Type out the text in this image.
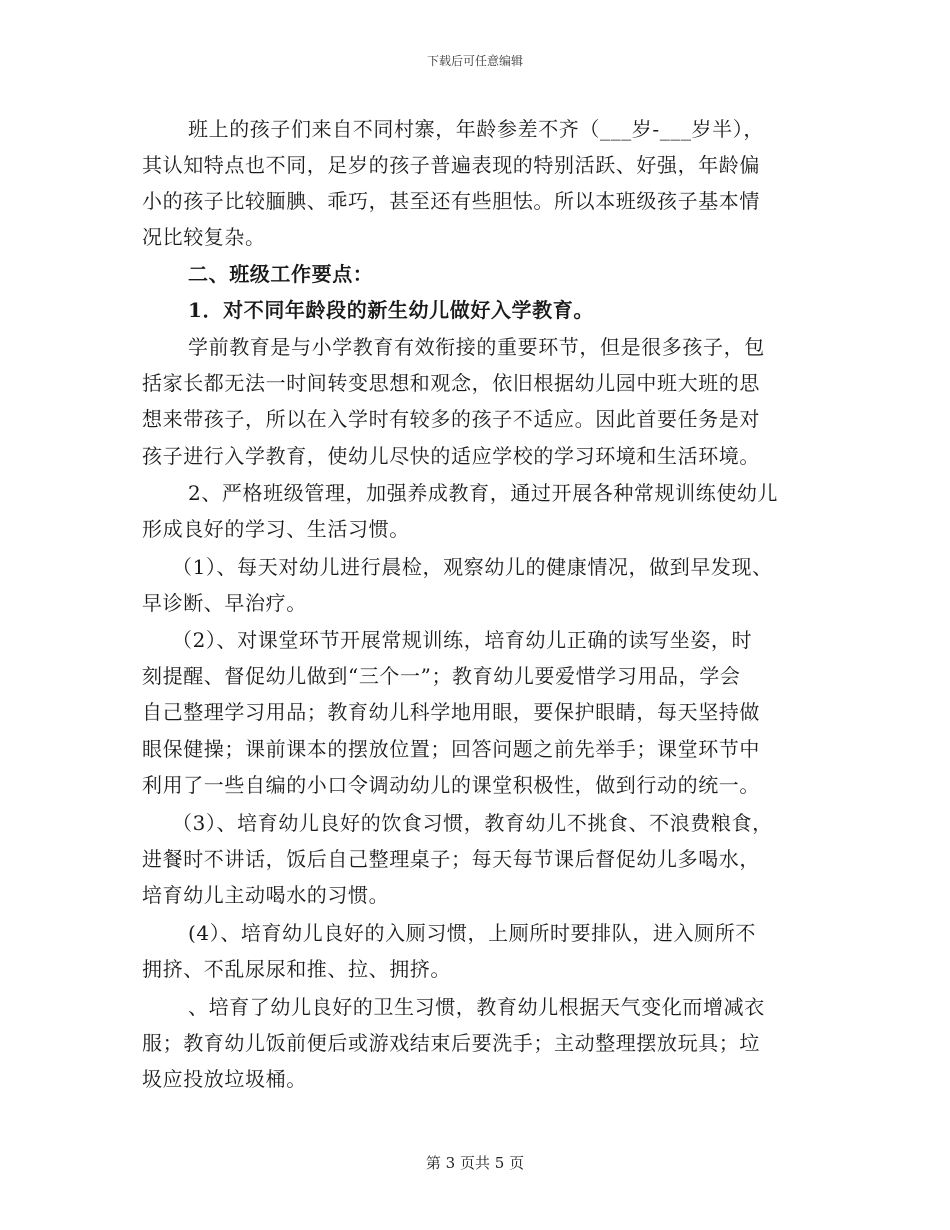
下载后可任意编辑
班上的孩子们来自不同村寨，年龄参差不齐（___岁-___岁半），
其认知特点也不同，足岁的孩子普遍表现的特别活跃、好强，年龄偏
小的孩子比较腼腆、乖巧，甚至还有些胆怯。所以本班级孩子基本情
况比较复杂。
二、班级工作要点：
1．对不同年龄段的新生幼儿做好入学教育。
学前教育是与小学教育有效衔接的重要环节，但是很多孩子，包
括家长都无法一时间转变思想和观念，依旧根据幼儿园中班大班的思
想来带孩子，所以在入学时有较多的孩子不适应。因此首要任务是对
孩子进行入学教育，使幼儿尽快的适应学校的学习环境和生活环境。
2、严格班级管理，加强养成教育，通过开展各种常规训练使幼儿
形成良好的学习、生活习惯。
（1）、每天对幼儿进行晨检，观察幼儿的健康情况，做到早发现、
早诊断、早治疗。
（2）、对课堂环节开展常规训练，培育幼儿正确的读写坐姿，时
刻提醒、督促幼儿做到“三个一”；教育幼儿要爱惜学习用品，学会
自己整理学习用品；教育幼儿科学地用眼，要保护眼睛，每天坚持做
眼保健操；课前课本的摆放位置；回答问题之前先举手；课堂环节中
利用了一些自编的小口令调动幼儿的课堂积极性，做到行动的统一。
（3）、培育幼儿良好的饮食习惯，教育幼儿不挑食、不浪费粮食，
进餐时不讲话，饭后自己整理桌子；每天每节课后督促幼儿多喝水，
培育幼儿主动喝水的习惯。
(4）、培育幼儿良好的入厕习惯，上厕所时要排队，进入厕所不
拥挤、不乱尿尿和推、拉、拥挤。
、培育了幼儿良好的卫生习惯，教育幼儿根据天气变化而增减衣
服；教育幼儿饭前便后或游戏结束后要洗手；主动整理摆放玩具；垃
圾应投放垃圾桶。
第 3 页共 5 页
